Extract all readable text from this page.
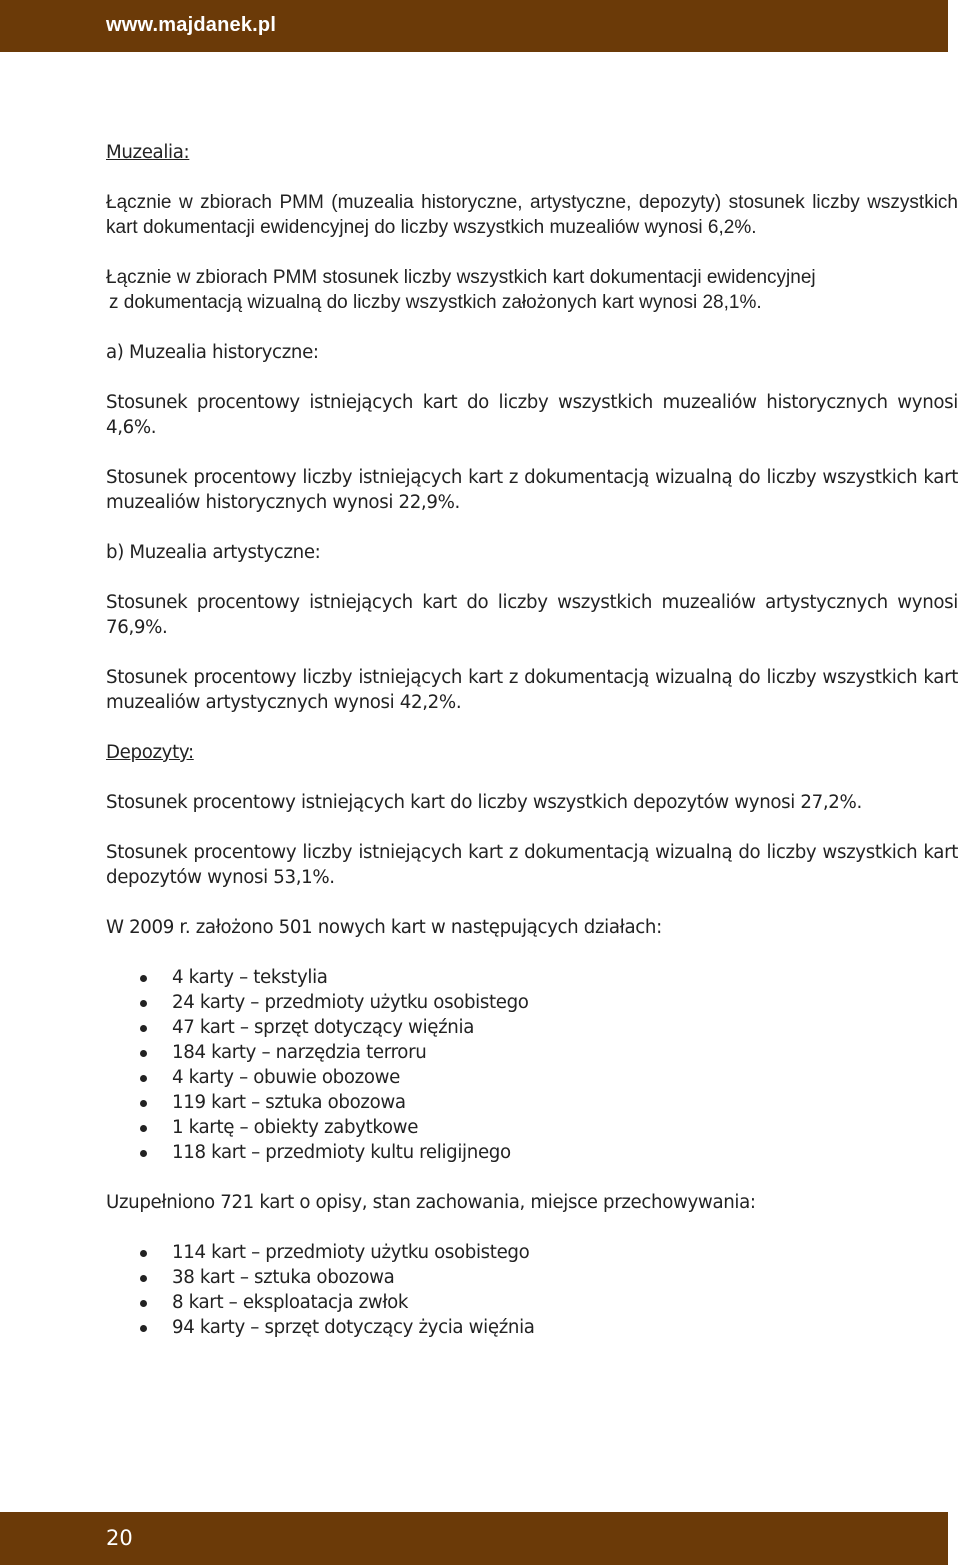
www.majdanek.pl

Muzealia:

Łącznie w zbiorach PMM (muzealia historyczne, artystyczne, depozyty) stosunek liczby wszystkich kart dokumentacji ewidencyjnej do liczby wszystkich muzealiów wynosi 6,2%.

Łącznie w zbiorach PMM stosunek liczby wszystkich kart dokumentacji ewidencyjnej
z dokumentacją wizualną do liczby wszystkich założonych kart wynosi 28,1%.

a) Muzealia historyczne:

Stosunek procentowy istniejących kart do liczby wszystkich muzealiów historycznych wynosi 4,6%.

Stosunek procentowy liczby istniejących kart z dokumentacją wizualną do liczby wszystkich kart muzealiów historycznych wynosi 22,9%.

b) Muzealia artystyczne:

Stosunek procentowy istniejących kart do liczby wszystkich muzealiów artystycznych wynosi 76,9%.

Stosunek procentowy liczby istniejących kart z dokumentacją wizualną do liczby wszystkich kart muzealiów artystycznych wynosi 42,2%.

Depozyty:

Stosunek procentowy istniejących kart do liczby wszystkich depozytów wynosi 27,2%.

Stosunek procentowy liczby istniejących kart z dokumentacją wizualną do liczby wszystkich kart depozytów wynosi 53,1%.

W 2009 r. założono 501 nowych kart w następujących działach:

4 karty – tekstylia
24 karty – przedmioty użytku osobistego
47 kart – sprzęt dotyczący więźnia
184 karty – narzędzia terroru
4 karty – obuwie obozowe
119 kart – sztuka obozowa
1 kartę – obiekty zabytkowe
118 kart – przedmioty kultu religijnego

Uzupełniono 721 kart o opisy, stan zachowania, miejsce przechowywania:

114 kart – przedmioty użytku osobistego
38 kart – sztuka obozowa
8 kart – eksploatacja zwłok
94 karty – sprzęt dotyczący życia więźnia
20
